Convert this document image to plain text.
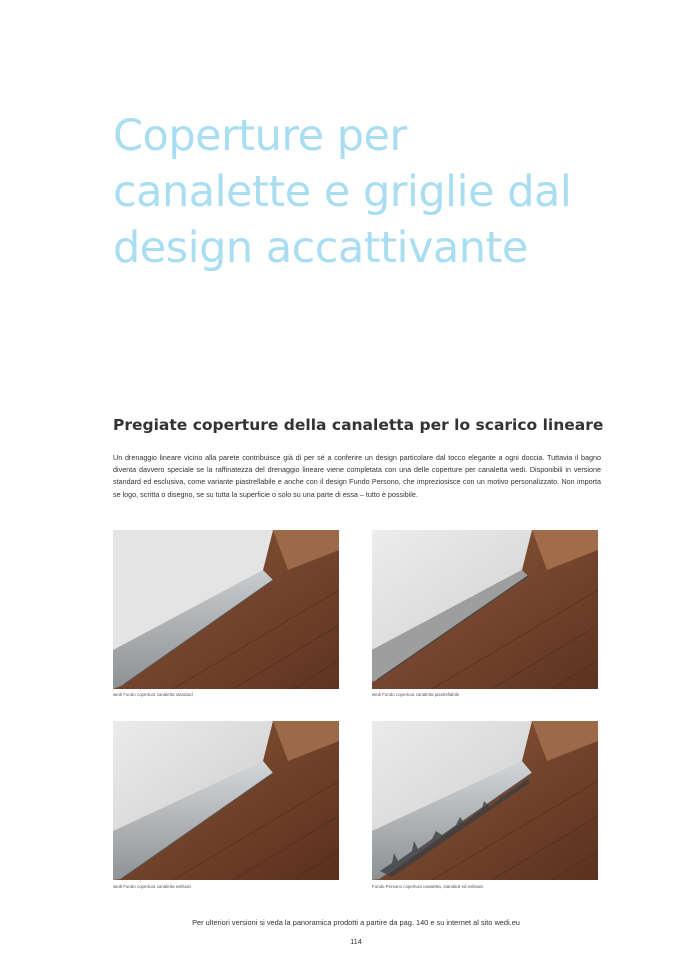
Coperture per
canalette e griglie dal
design accattivante
Pregiate coperture della canaletta per lo scarico lineare

Un drenaggio lineare vicino alla parete contribuisce già di per sé a conferire un design particolare dal tocco elegante a ogni doccia. Tuttavia il bagno diventa davvero speciale se la raffinatezza del drenaggio lineare viene completata con una delle coperture per canaletta wedi. Disponibili in versione standard ed esclusiva, come variante piastrellabile e anche con il design Fundo Personо, che impreziosisce con un motivo personalizzato. Non importa se logo, scritta o disegno, se su tutta la superficie o solo su una parte di essa – tutto è possibile.

wedi Fundo copertura canaletta standard	wedi Fundo copertura canaletta piastrellabile
wedi Fundo copertura canaletta exklusiv	Fundo Persono copertura canaletta, standard ed exklusiv
Per ulteriori versioni si veda la panoramica prodotti a partire da pag. 140 e su internet al sito wedi.eu
114
